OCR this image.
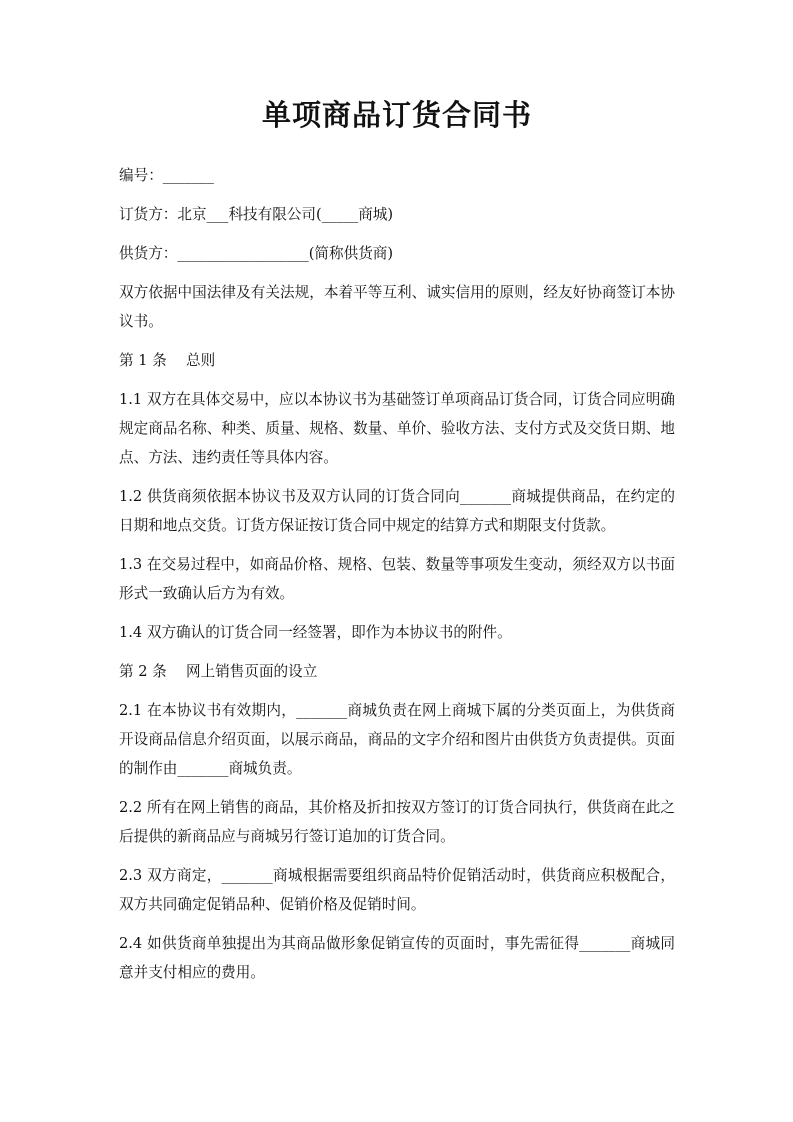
单项商品订货合同书

编号：_______

订货方：北京___科技有限公司(_____商城)

供货方：__________________(简称供货商)

双方依据中国法律及有关法规，本着平等互利、诚实信用的原则，经友好协商签订本协议书。

第 1 条　 总则

1.1 双方在具体交易中，应以本协议书为基础签订单项商品订货合同，订货合同应明确规定商品名称、种类、质量、规格、数量、单价、验收方法、支付方式及交货日期、地点、方法、违约责任等具体内容。

1.2 供货商须依据本协议书及双方认同的订货合同向_______商城提供商品，在约定的日期和地点交货。订货方保证按订货合同中规定的结算方式和期限支付货款。

1.3 在交易过程中，如商品价格、规格、包装、数量等事项发生变动，须经双方以书面形式一致确认后方为有效。

1.4 双方确认的订货合同一经签署，即作为本协议书的附件。

第 2 条　 网上销售页面的设立

2.1 在本协议书有效期内，_______商城负责在网上商城下属的分类页面上，为供货商开设商品信息介绍页面，以展示商品，商品的文字介绍和图片由供货方负责提供。页面的制作由_______商城负责。

2.2 所有在网上销售的商品，其价格及折扣按双方签订的订货合同执行，供货商在此之后提供的新商品应与商城另行签订追加的订货合同。

2.3 双方商定，_______商城根据需要组织商品特价促销活动时，供货商应积极配合，双方共同确定促销品种、促销价格及促销时间。

2.4 如供货商单独提出为其商品做形象促销宣传的页面时，事先需征得_______商城同意并支付相应的费用。
